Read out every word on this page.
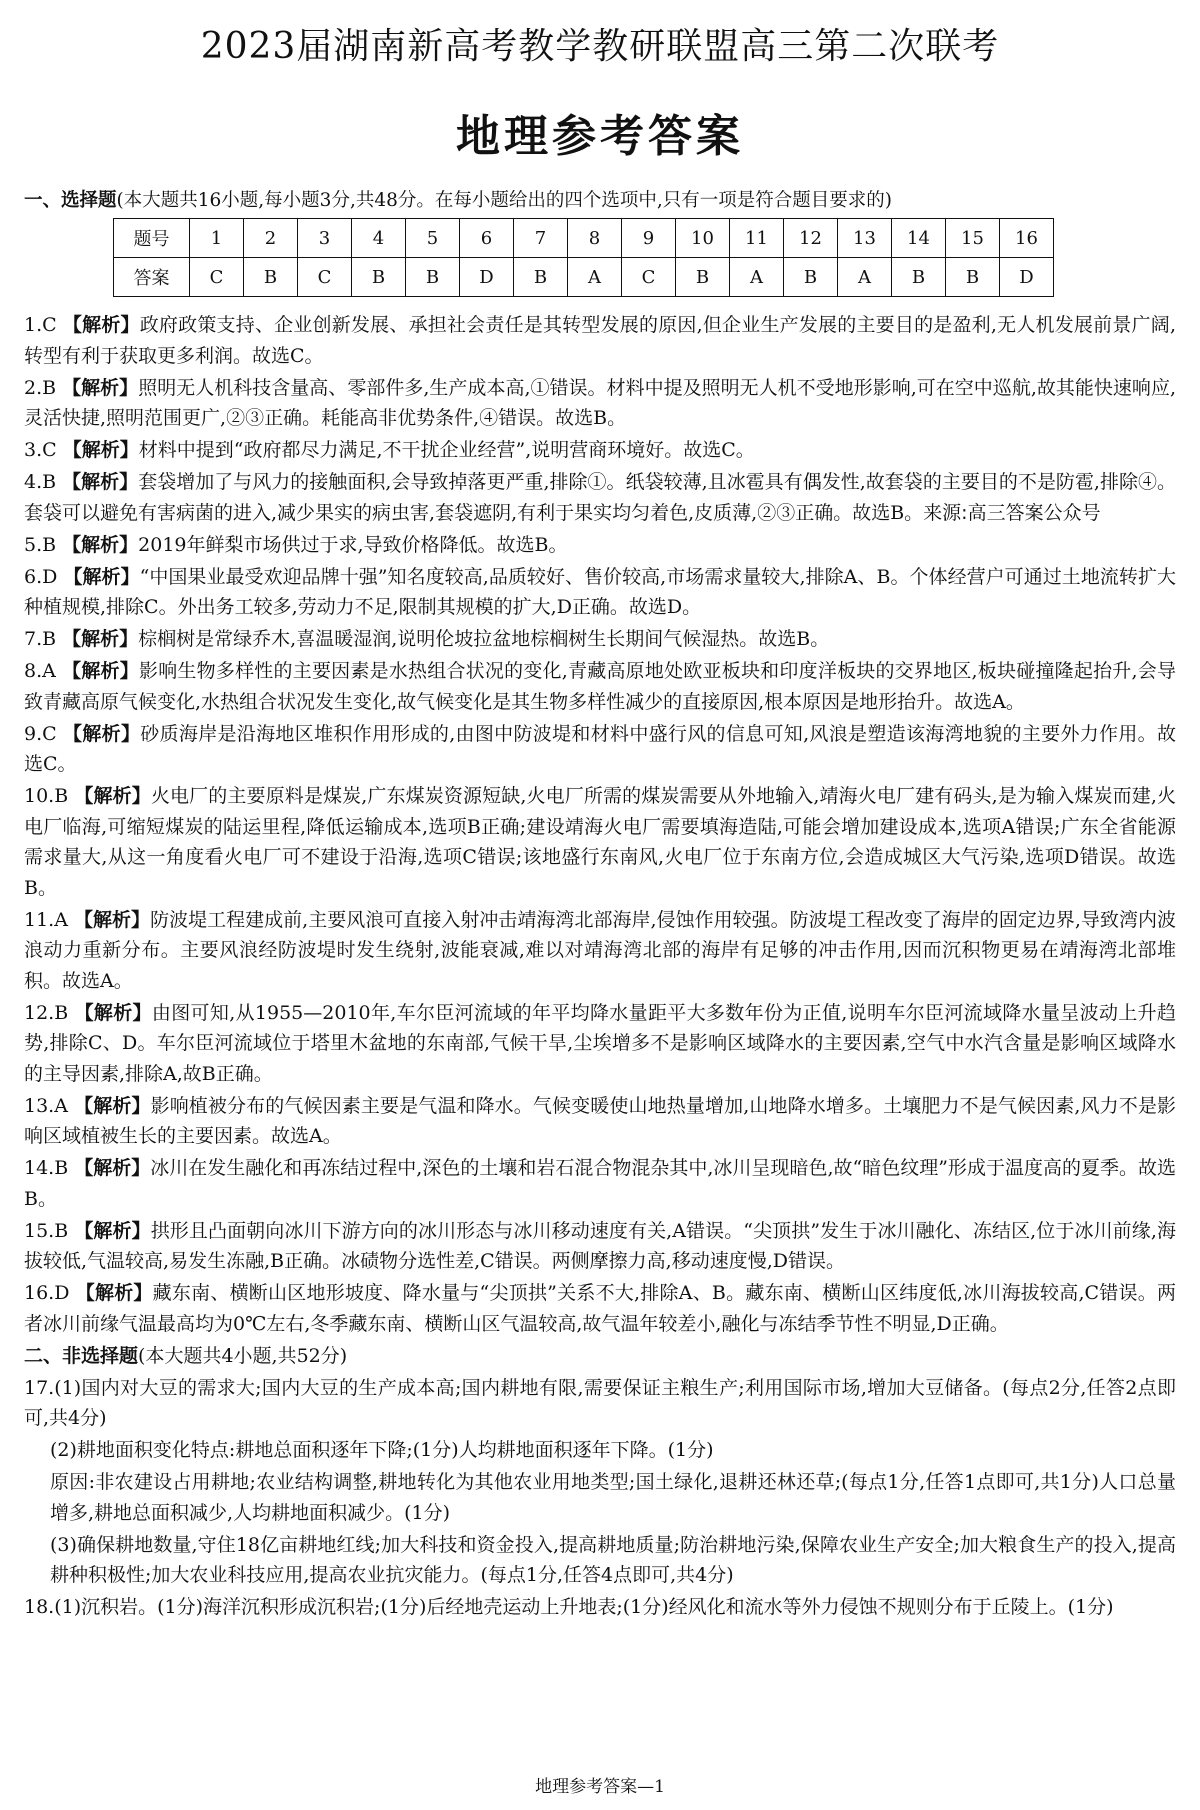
2023届湖南新高考教学教研联盟高三第二次联考
地理参考答案

一、选择题(本大题共16小题,每小题3分,共48分。在每小题给出的四个选项中,只有一项是符合题目要求的)

题号	1	2	3	4	5	6	7	8	9	10	11	12	13	14	15	16
答案	C	B	C	B	B	D	B	A	C	B	A	B	A	B	B	D

1.C 【解析】政府政策支持、企业创新发展、承担社会责任是其转型发展的原因,但企业生产发展的主要目的是盈利,无人机发展前景广阔,转型有利于获取更多利润。故选C。

2.B 【解析】照明无人机科技含量高、零部件多,生产成本高,①错误。材料中提及照明无人机不受地形影响,可在空中巡航,故其能快速响应,灵活快捷,照明范围更广,②③正确。耗能高非优势条件,④错误。故选B。

3.C 【解析】材料中提到“政府都尽力满足,不干扰企业经营”,说明营商环境好。故选C。

4.B 【解析】套袋增加了与风力的接触面积,会导致掉落更严重,排除①。纸袋较薄,且冰雹具有偶发性,故套袋的主要目的不是防雹,排除④。套袋可以避免有害病菌的进入,减少果实的病虫害,套袋遮阴,有利于果实均匀着色,皮质薄,②③正确。故选B。来源:高三答案公众号

5.B 【解析】2019年鲜梨市场供过于求,导致价格降低。故选B。

6.D 【解析】“中国果业最受欢迎品牌十强”知名度较高,品质较好、售价较高,市场需求量较大,排除A、B。个体经营户可通过土地流转扩大种植规模,排除C。外出务工较多,劳动力不足,限制其规模的扩大,D正确。故选D。

7.B 【解析】棕榈树是常绿乔木,喜温暖湿润,说明伦坡拉盆地棕榈树生长期间气候湿热。故选B。

8.A 【解析】影响生物多样性的主要因素是水热组合状况的变化,青藏高原地处欧亚板块和印度洋板块的交界地区,板块碰撞隆起抬升,会导致青藏高原气候变化,水热组合状况发生变化,故气候变化是其生物多样性减少的直接原因,根本原因是地形抬升。故选A。

9.C 【解析】砂质海岸是沿海地区堆积作用形成的,由图中防波堤和材料中盛行风的信息可知,风浪是塑造该海湾地貌的主要外力作用。故选C。

10.B 【解析】火电厂的主要原料是煤炭,广东煤炭资源短缺,火电厂所需的煤炭需要从外地输入,靖海火电厂建有码头,是为输入煤炭而建,火电厂临海,可缩短煤炭的陆运里程,降低运输成本,选项B正确;建设靖海火电厂需要填海造陆,可能会增加建设成本,选项A错误;广东全省能源需求量大,从这一角度看火电厂可不建设于沿海,选项C错误;该地盛行东南风,火电厂位于东南方位,会造成城区大气污染,选项D错误。故选B。

11.A 【解析】防波堤工程建成前,主要风浪可直接入射冲击靖海湾北部海岸,侵蚀作用较强。防波堤工程改变了海岸的固定边界,导致湾内波浪动力重新分布。主要风浪经防波堤时发生绕射,波能衰减,难以对靖海湾北部的海岸有足够的冲击作用,因而沉积物更易在靖海湾北部堆积。故选A。

12.B 【解析】由图可知,从1955—2010年,车尔臣河流域的年平均降水量距平大多数年份为正值,说明车尔臣河流域降水量呈波动上升趋势,排除C、D。车尔臣河流域位于塔里木盆地的东南部,气候干旱,尘埃增多不是影响区域降水的主要因素,空气中水汽含量是影响区域降水的主导因素,排除A,故B正确。

13.A 【解析】影响植被分布的气候因素主要是气温和降水。气候变暖使山地热量增加,山地降水增多。土壤肥力不是气候因素,风力不是影响区域植被生长的主要因素。故选A。

14.B 【解析】冰川在发生融化和再冻结过程中,深色的土壤和岩石混合物混杂其中,冰川呈现暗色,故“暗色纹理”形成于温度高的夏季。故选B。

15.B 【解析】拱形且凸面朝向冰川下游方向的冰川形态与冰川移动速度有关,A错误。“尖顶拱”发生于冰川融化、冻结区,位于冰川前缘,海拔较低,气温较高,易发生冻融,B正确。冰碛物分选性差,C错误。两侧摩擦力高,移动速度慢,D错误。

16.D 【解析】藏东南、横断山区地形坡度、降水量与“尖顶拱”关系不大,排除A、B。藏东南、横断山区纬度低,冰川海拔较高,C错误。两者冰川前缘气温最高均为0℃左右,冬季藏东南、横断山区气温较高,故气温年较差小,融化与冻结季节性不明显,D正确。

二、非选择题(本大题共4小题,共52分)

17.(1)国内对大豆的需求大;国内大豆的生产成本高;国内耕地有限,需要保证主粮生产;利用国际市场,增加大豆储备。(每点2分,任答2点即可,共4分)

(2)耕地面积变化特点:耕地总面积逐年下降;(1分)人均耕地面积逐年下降。(1分)

原因:非农建设占用耕地;农业结构调整,耕地转化为其他农业用地类型;国土绿化,退耕还林还草;(每点1分,任答1点即可,共1分)人口总量增多,耕地总面积减少,人均耕地面积减少。(1分)

(3)确保耕地数量,守住18亿亩耕地红线;加大科技和资金投入,提高耕地质量;防治耕地污染,保障农业生产安全;加大粮食生产的投入,提高耕种积极性;加大农业科技应用,提高农业抗灾能力。(每点1分,任答4点即可,共4分)

18.(1)沉积岩。(1分)海洋沉积形成沉积岩;(1分)后经地壳运动上升地表;(1分)经风化和流水等外力侵蚀不规则分布于丘陵上。(1分)

地理参考答案—1
